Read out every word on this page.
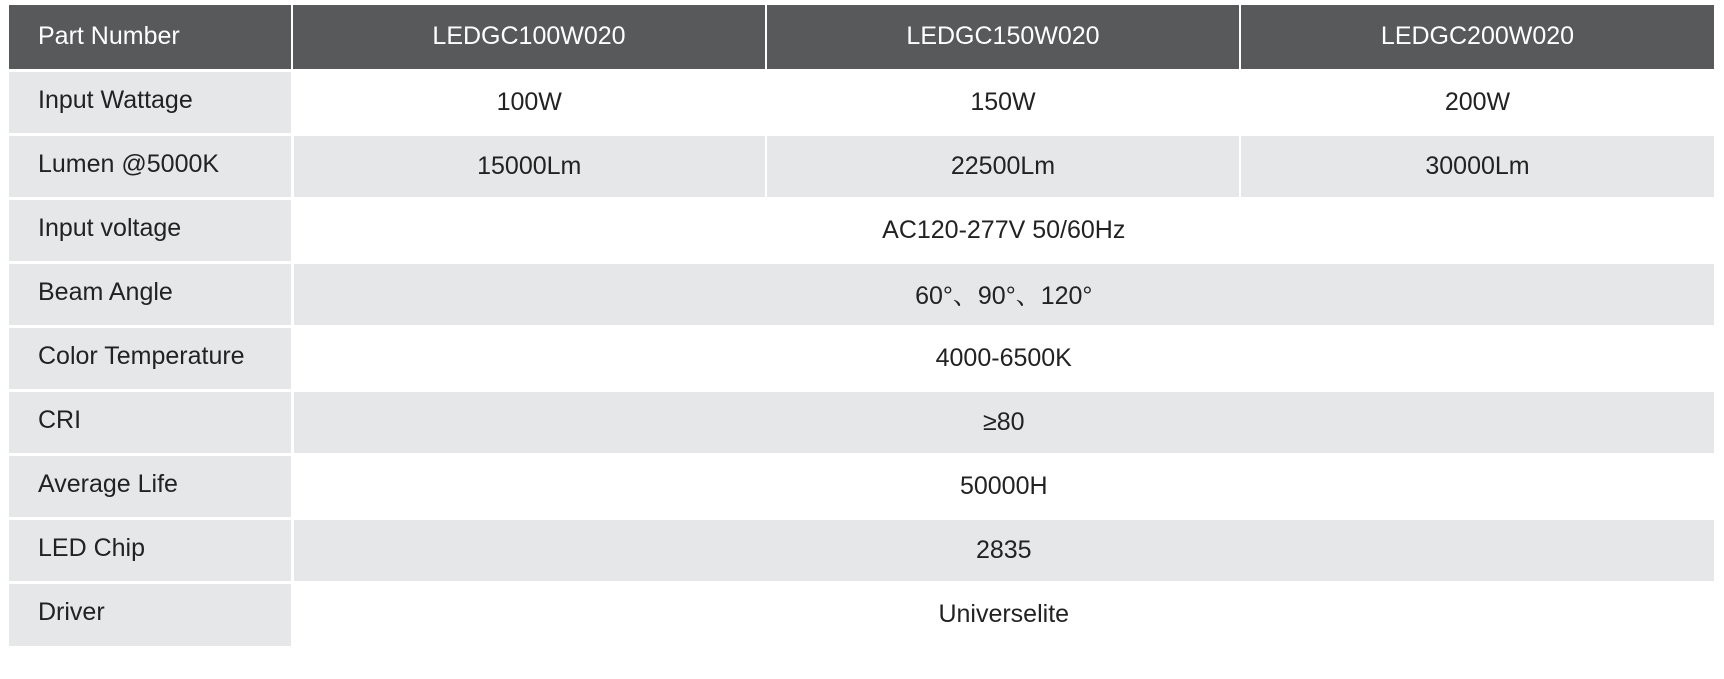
Part Number	LEDGC100W020	LEDGC150W020	LEDGC200W020
Input Wattage	100W	150W	200W
Lumen @5000K	15000Lm	22500Lm	30000Lm
Input voltage	AC120-277V 50/60Hz		
Beam Angle	60°、90°、120°		
Color Temperature	4000-6500K		
CRI	≥80		
Average Life	50000H		
LED Chip	2835		
Driver	Universelite		
